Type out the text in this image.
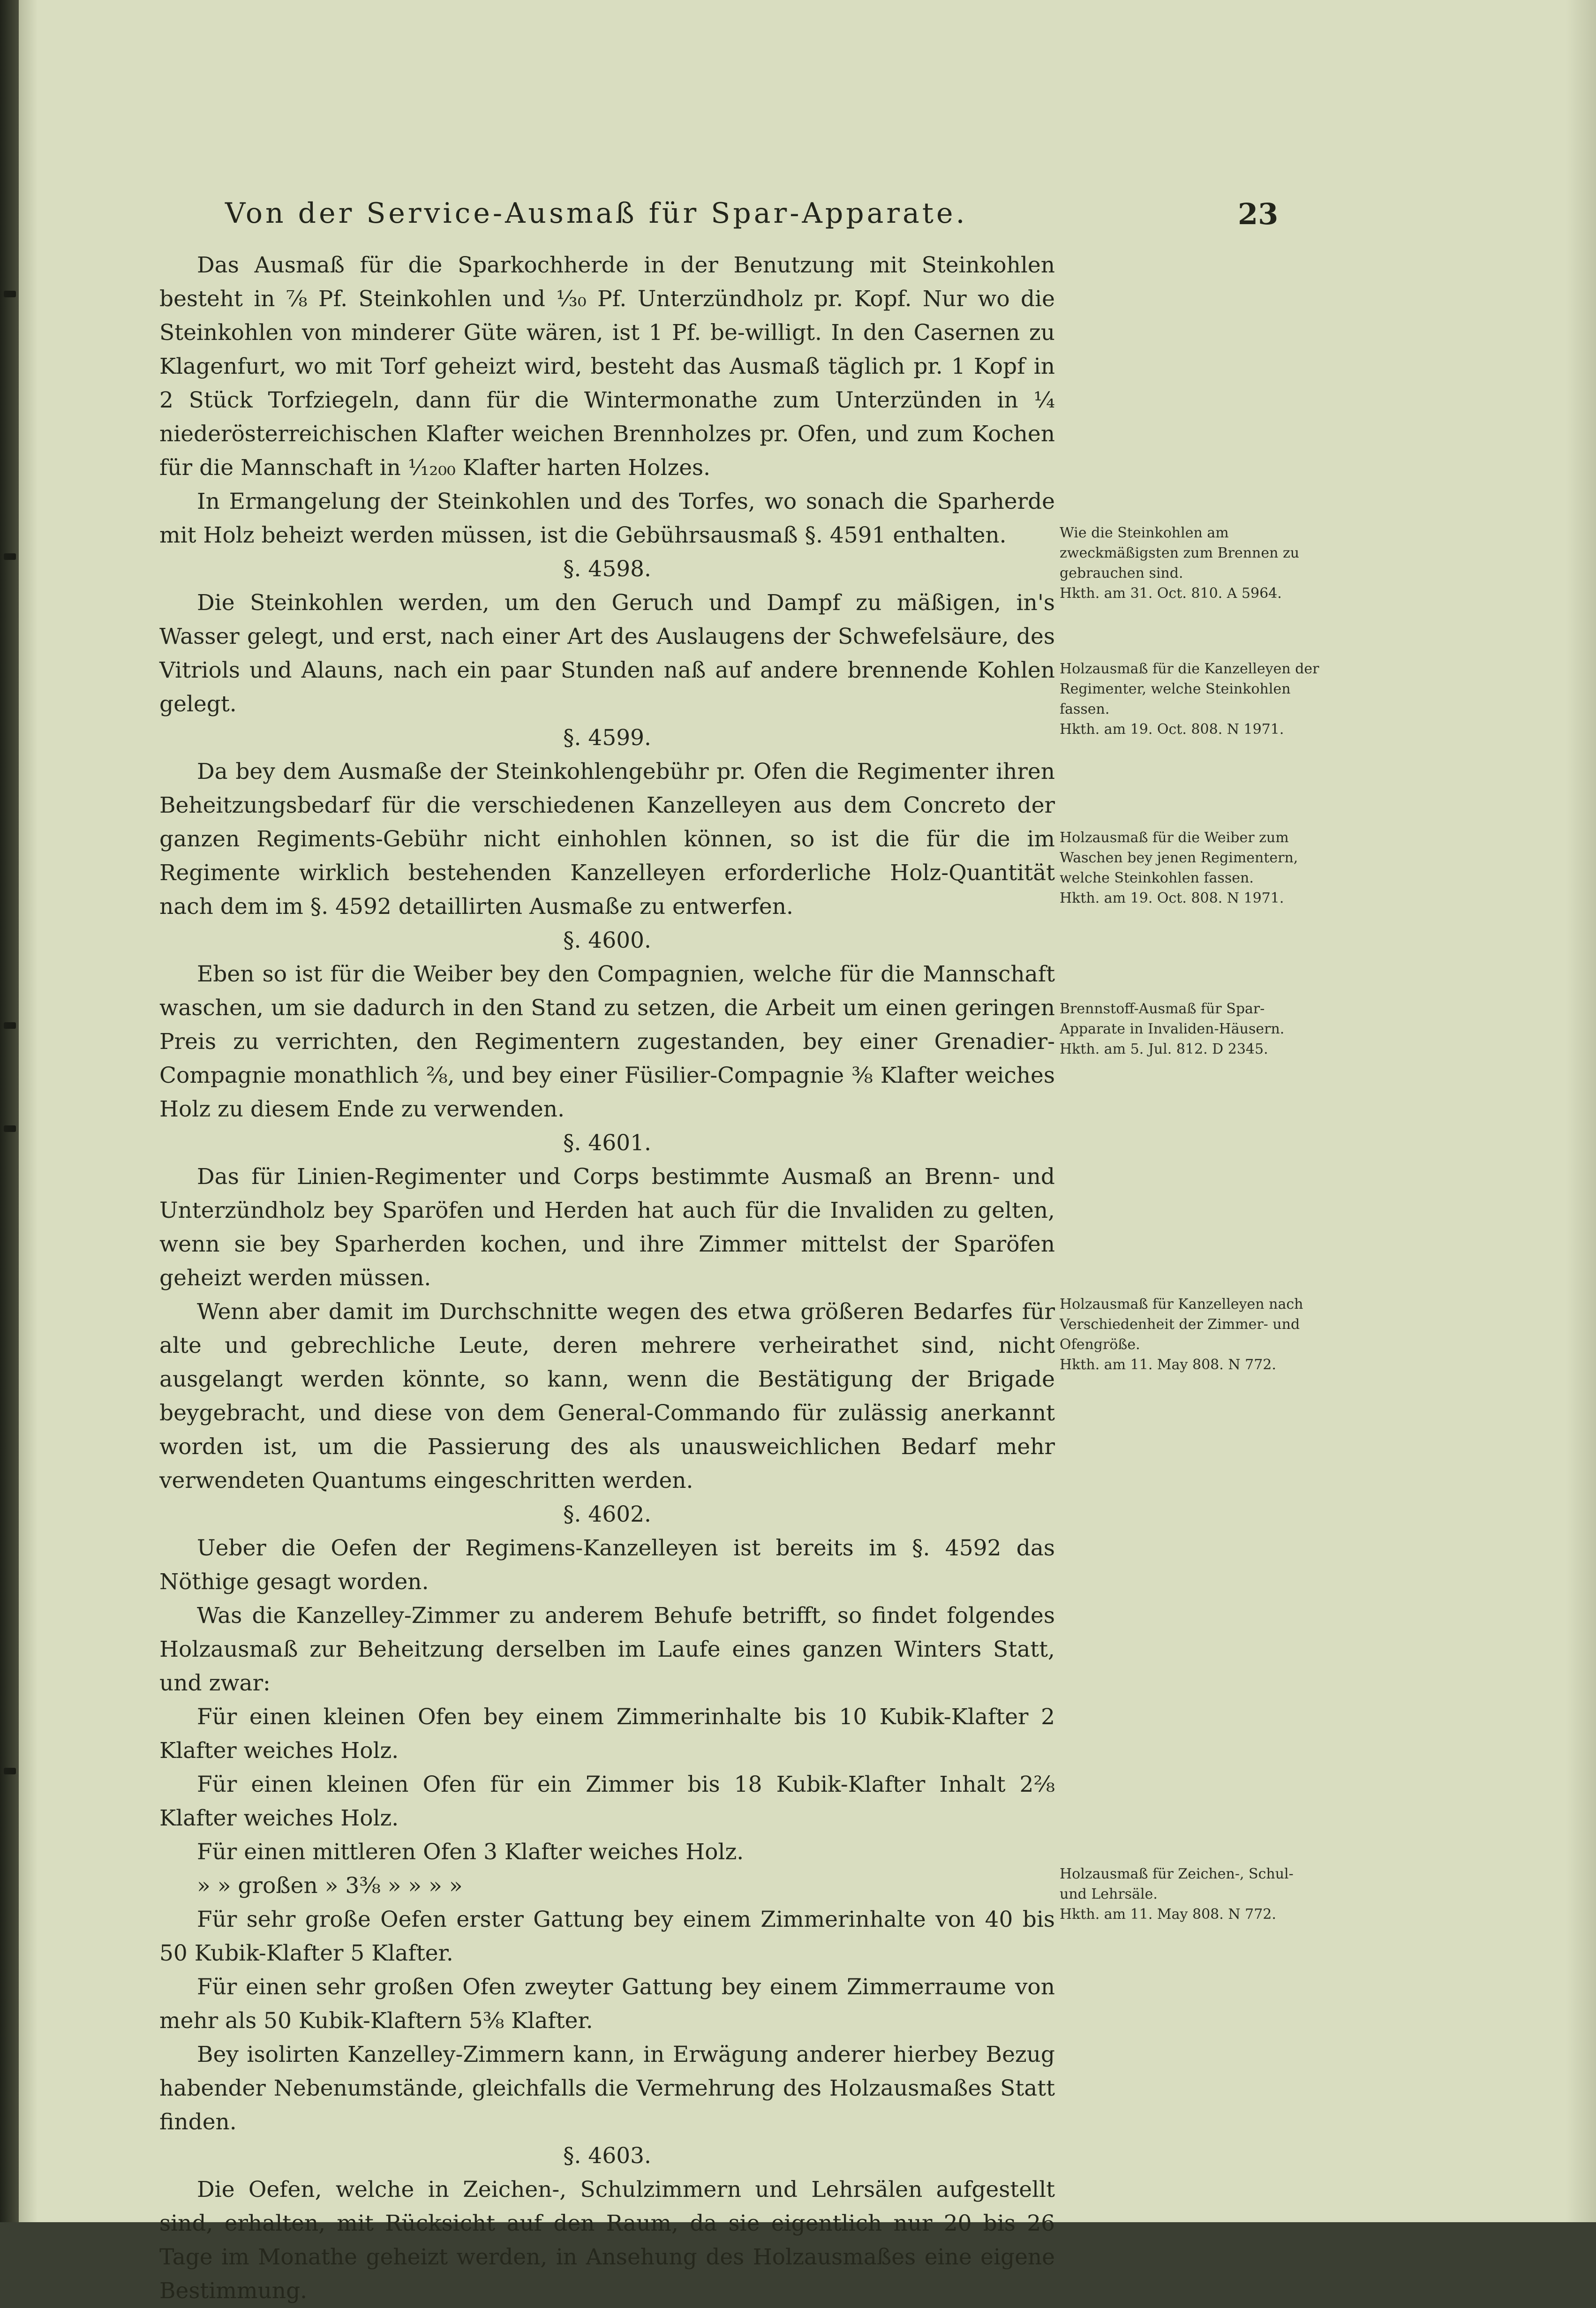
Von der Service-Ausmaß für Spar-Apparate.	23

Das Ausmaß für die Sparkochherde in der Benutzung mit Steinkohlen besteht in ⅞ Pf. Steinkohlen und ¹⁄₃₀ Pf. Unterzündholz pr. Kopf. Nur wo die Steinkohlen von minderer Güte wären, ist 1 Pf. be-willigt. In den Casernen zu Klagenfurt, wo mit Torf geheizt wird, besteht das Ausmaß täglich pr. 1 Kopf in 2 Stück Torfziegeln, dann für die Wintermonathe zum Unterzünden in ¼ niederösterreichischen Klafter weichen Brennholzes pr. Ofen, und zum Kochen für die Mannschaft in ¹⁄₁₂₀₀ Klafter harten Holzes.

In Ermangelung der Steinkohlen und des Torfes, wo sonach die Sparherde mit Holz beheizt werden müssen, ist die Gebührsausmaß §. 4591 enthalten.

§. 4598.

Die Steinkohlen werden, um den Geruch und Dampf zu mäßigen, in's Wasser gelegt, und erst, nach einer Art des Auslaugens der Schwefelsäure, des Vitriols und Alauns, nach ein paar Stunden naß auf andere brennende Kohlen gelegt.

§. 4599.

Da bey dem Ausmaße der Steinkohlengebühr pr. Ofen die Regimenter ihren Beheitzungsbedarf für die verschiedenen Kanzelleyen aus dem Concreto der ganzen Regiments-Gebühr nicht einhohlen können, so ist die für die im Regimente wirklich bestehenden Kanzelleyen erforderliche Holz-Quantität nach dem im §. 4592 detaillirten Ausmaße zu entwerfen.

§. 4600.

Eben so ist für die Weiber bey den Compagnien, welche für die Mannschaft waschen, um sie dadurch in den Stand zu setzen, die Arbeit um einen geringen Preis zu verrichten, den Regimentern zugestanden, bey einer Grenadier-Compagnie monathlich ²⁄₈, und bey einer Füsilier-Compagnie ³⁄₈ Klafter weiches Holz zu diesem Ende zu verwenden.

§. 4601.

Das für Linien-Regimenter und Corps bestimmte Ausmaß an Brenn- und Unterzündholz bey Sparöfen und Herden hat auch für die Invaliden zu gelten, wenn sie bey Sparherden kochen, und ihre Zimmer mittelst der Sparöfen geheizt werden müssen.

Wenn aber damit im Durchschnitte wegen des etwa größeren Bedarfes für alte und gebrechliche Leute, deren mehrere verheirathet sind, nicht ausgelangt werden könnte, so kann, wenn die Bestätigung der Brigade beygebracht, und diese von dem General-Commando für zulässig anerkannt worden ist, um die Passierung des als unausweichlichen Bedarf mehr verwendeten Quantums eingeschritten werden.

§. 4602.

Ueber die Oefen der Regimens-Kanzelleyen ist bereits im §. 4592 das Nöthige gesagt worden.

Was die Kanzelley-Zimmer zu anderem Behufe betrifft, so findet folgendes Holzausmaß zur Beheitzung derselben im Laufe eines ganzen Winters Statt, und zwar:

Für einen kleinen Ofen bey einem Zimmerinhalte bis 10 Kubik-Klafter 2 Klafter weiches Holz.

Für einen kleinen Ofen für ein Zimmer bis 18 Kubik-Klafter Inhalt 2²⁄₈ Klafter weiches Holz.

Für einen mittleren Ofen 3 Klafter weiches Holz.

» » großen » 3³⁄₈ » » » »

Für sehr große Oefen erster Gattung bey einem Zimmerinhalte von 40 bis 50 Kubik-Klafter 5 Klafter.

Für einen sehr großen Ofen zweyter Gattung bey einem Zimmerraume von mehr als 50 Kubik-Klaftern 5³⁄₈ Klafter.

Bey isolirten Kanzelley-Zimmern kann, in Erwägung anderer hierbey Bezug habender Nebenumstände, gleichfalls die Vermehrung des Holzausmaßes Statt finden.

§. 4603.

Die Oefen, welche in Zeichen-, Schulzimmern und Lehrsälen aufgestellt sind, erhalten, mit Rücksicht auf den Raum, da sie eigentlich nur 20 bis 26 Tage im Monathe geheizt werden, in Ansehung des Holzausmaßes eine eigene Bestimmung.

Wie die Steinkohlen am zweckmäßigsten zum Brennen zu gebrauchen sind.
Hkth. am 31. Oct. 810. A 5964.
Holzausmaß für die Kanzelleyen der Regimenter, welche Steinkohlen fassen.
Hkth. am 19. Oct. 808. N 1971.
Holzausmaß für die Weiber zum Waschen bey jenen Regimentern, welche Steinkohlen fassen.
Hkth. am 19. Oct. 808. N 1971.
Brennstoff-Ausmaß für Spar-Apparate in Invaliden-Häusern.
Hkth. am 5. Jul. 812. D 2345.
Holzausmaß für Kanzelleyen nach Verschiedenheit der Zimmer- und Ofengröße.
Hkth. am 11. May 808. N 772.
Holzausmaß für Zeichen-, Schul- und Lehrsäle.
Hkth. am 11. May 808. N 772.
